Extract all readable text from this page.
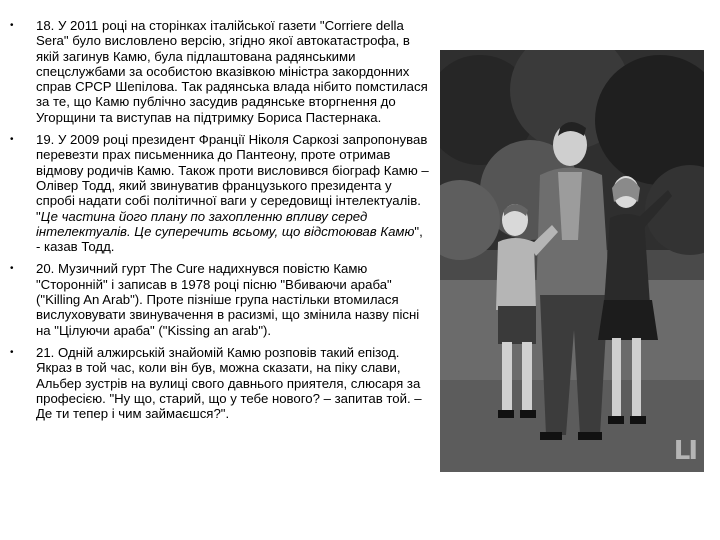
• 18. У 2011 році на сторінках італійської газети "Corriere della Sera" було висловлено версію, згідно якої автокатастрофа, в якій загинув Камю, була підлаштована радянськими спецслужбами за особистою вказівкою міністра закордонних справ СРСР Шепілова. Так радянська влада нібито помстилася за те, що Камю публічно засудив радянське вторгнення до Угорщини та виступав на підтримку Бориса Пастернака.
• 19. У 2009 році президент Франції Ніколя Саркозі запропонував перевезти прах письменника до Пантеону, проте отримав відмову родичів Камю. Також проти висловився біограф Камю – Олівер Тодд, який звинуватив французького президента у спробі надати собі політичної ваги у середовищі інтелектуалів. "Це частина його плану по захопленню впливу серед інтелектуалів. Це суперечить всьому, що відстоював Камю", - казав Тодд.
• 20. Музичний гурт The Cure надихнувся повістю Камю "Сторонній" і записав в 1978 році пісню "Вбиваючи араба" ("Killing An Arab"). Проте пізніше група настільки втомилася вислуховувати звинувачення в расизмі, що змінила назву пісні на "Цілуючи араба" ("Kissing an arab").
• 21. Одній алжирській знайомій Камю розповів такий епізод. Якраз в той час, коли він був, можна сказати, на піку слави, Альбер зустрів на вулиці свого давнього приятеля, слюсаря за професією. "Ну що, старий, що у тебе нового? – запитав той. – Де ти тепер і чим займаєшся?".
LI
